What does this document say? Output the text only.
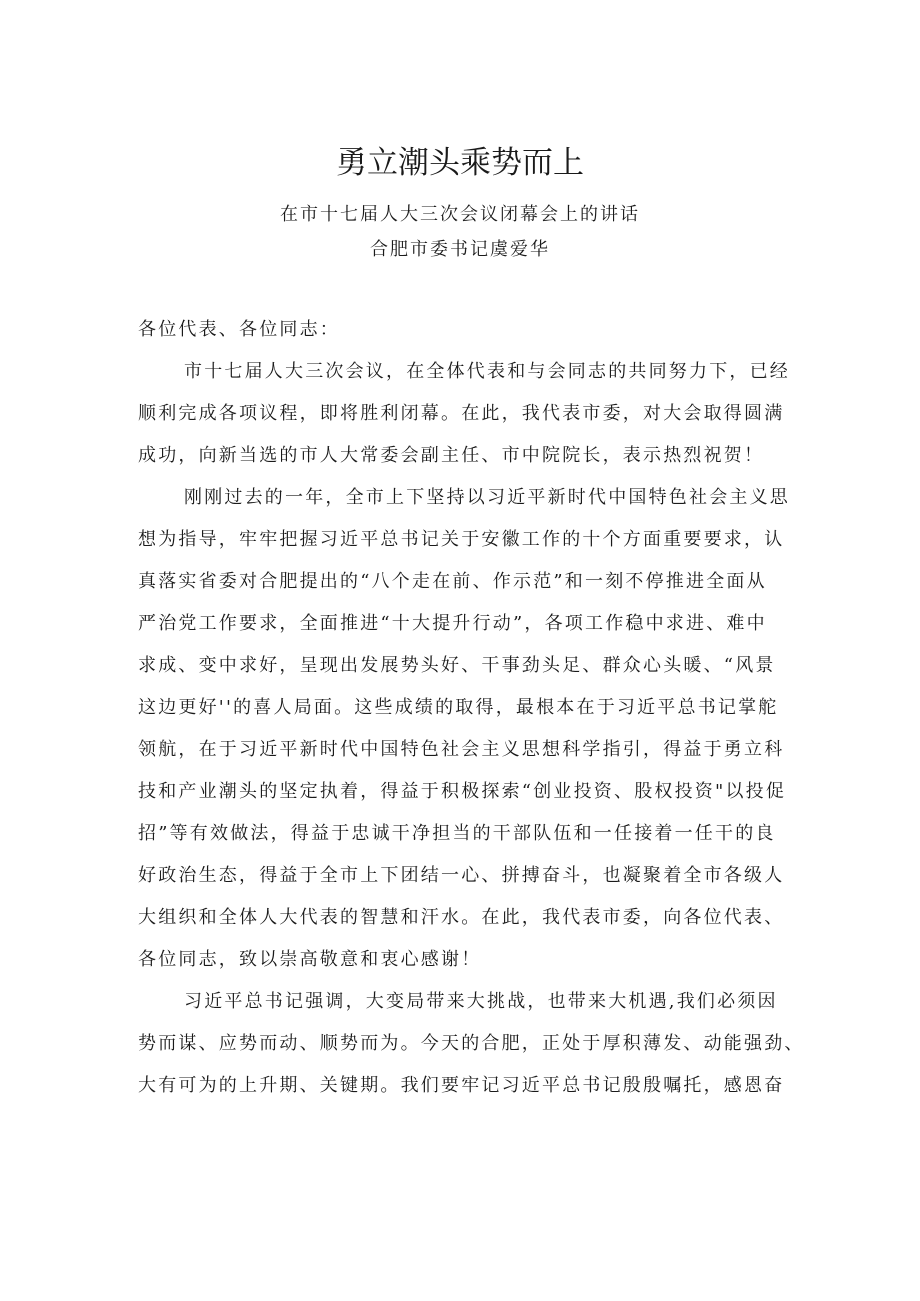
勇立潮头乘势而上

在市十七届人大三次会议闭幕会上的讲话

合肥市委书记虞爱华

各位代表、各位同志：

市十七届人大三次会议，在全体代表和与会同志的共同努力下，已经
顺利完成各项议程，即将胜利闭幕。在此，我代表市委，对大会取得圆满
成功，向新当选的市人大常委会副主任、市中院院长，表示热烈祝贺！

刚刚过去的一年，全市上下坚持以习近平新时代中国特色社会主义思
想为指导，牢牢把握习近平总书记关于安徽工作的十个方面重要要求，认
真落实省委对合肥提出的“八个走在前、作示范”和一刻不停推进全面从
严治党工作要求，全面推进“十大提升行动”，各项工作稳中求进、难中
求成、变中求好，呈现出发展势头好、干事劲头足、群众心头暖、“风景
这边更好''的喜人局面。这些成绩的取得，最根本在于习近平总书记掌舵
领航，在于习近平新时代中国特色社会主义思想科学指引，得益于勇立科
技和产业潮头的坚定执着，得益于积极探索“创业投资、股权投资"以投促
招”等有效做法，得益于忠诚干净担当的干部队伍和一任接着一任干的良
好政治生态，得益于全市上下团结一心、拼搏奋斗，也凝聚着全市各级人
大组织和全体人大代表的智慧和汗水。在此，我代表市委，向各位代表、
各位同志，致以崇高敬意和衷心感谢！

习近平总书记强调，大变局带来大挑战，也带来大机遇,我们必须因
势而谋、应势而动、顺势而为。今天的合肥，正处于厚积薄发、动能强劲、
大有可为的上升期、关键期。我们要牢记习近平总书记殷殷嘱托，感恩奋
